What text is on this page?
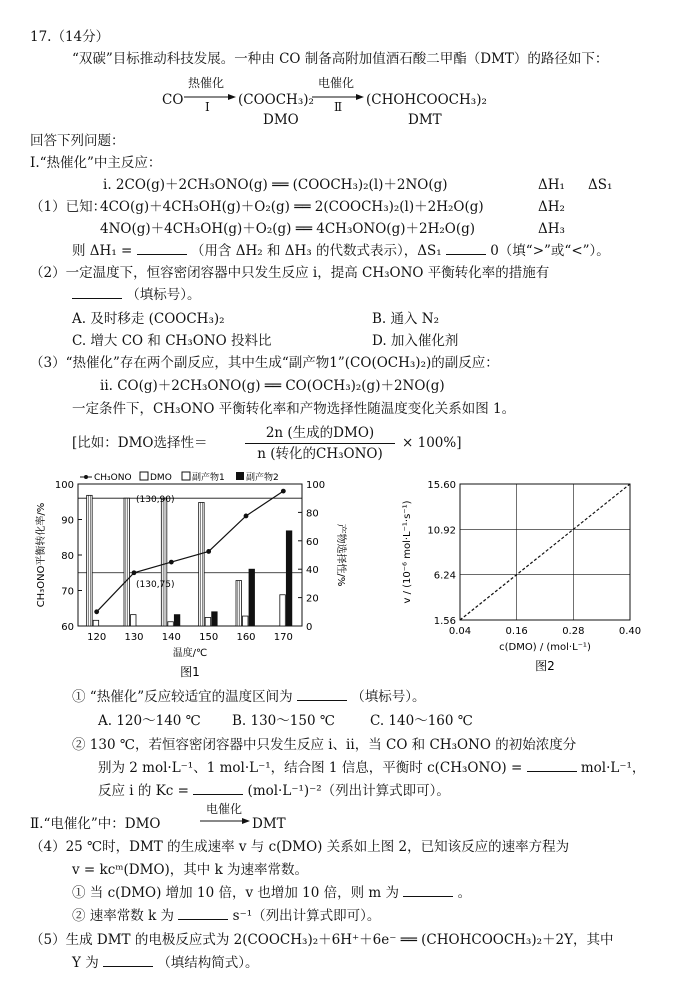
17.（14分）
“双碳”目标推动科技发展。一种由 CO 制备高附加值酒石酸二甲酯（DMT）的路径如下：
CO
热催化
Ⅰ (COOCH₃)₂
DMO
电催化
Ⅱ (CHOHCOOCH₃)₂
DMT
回答下列问题：
Ⅰ.“热催化”中主反应：
i. 2CO(g)＋2CH₃ONO(g) ══ (COOCH₃)₂(l)＋2NO(g)	ΔH₁ ΔS₁
（1）已知：
4CO(g)＋4CH₃OH(g)＋O₂(g) ══ 2(COOCH₃)₂(l)＋2H₂O(g)	ΔH₂
4NO(g)＋4CH₃OH(g)＋O₂(g) ══ 4CH₃ONO(g)＋2H₂O(g)	ΔH₃
则 ΔH₁ =	（用含 ΔH₂ 和 ΔH₃ 的代数式表示），ΔS₁	0（填“>”或“<”）。
（2）一定温度下，恒容密闭容器中只发生反应 i，提高 CH₃ONO 平衡转化率的措施有
（填标号）。
A. 及时移走 (COOCH₃)₂	B. 通入 N₂
C. 增大 CO 和 CH₃ONO 投料比	D. 加入催化剂
（3）“热催化”存在两个副反应，其中生成“副产物1”(CO(OCH₃)₂)的副反应：
ii. CO(g)＋2CH₃ONO(g) ══ CO(OCH₃)₂(g)＋2NO(g)
一定条件下，CH₃ONO 平衡转化率和产物选择性随温度变化关系如图 1。
[比如：DMO选择性＝
2n (生成的DMO)
n (转化的CH₃ONO)
× 100%]
60
70
80
90
100
0
20
40
60
80
100
120 130 140 150 160 170
(130,90)
(130,75)
CH₃ONO DMO 副产物1 副产物2
CH₃ONO平衡转化率/%	产物选择性/%
温度/℃
图1
1.56
6.24
10.92
15.60
0.04	0.16	0.28	0.40
v / (10⁻⁶ mol·L⁻¹·s⁻¹)
c(DMO) / (mol·L⁻¹)
图2
① “热催化”反应较适宜的温度区间为	（填标号）。
A. 120～140 ℃ B. 130～150 ℃	C. 140～160 ℃
② 130 ℃，若恒容密闭容器中只发生反应 i、ii，当 CO 和 CH₃ONO 的初始浓度分
别为 2 mol·L⁻¹、1 mol·L⁻¹，结合图 1 信息，平衡时 c(CH₃ONO) =	mol·L⁻¹，
反应 i 的 Kc =	(mol·L⁻¹)⁻²（列出计算式即可）。
Ⅱ.“电催化”中：DMO
电催化
DMT
（4）25 ℃时，DMT 的生成速率 v 与 c(DMO) 关系如上图 2，已知该反应的速率方程为
v = kcᵐ(DMO)，其中 k 为速率常数。
① 当 c(DMO) 增加 10 倍，v 也增加 10 倍，则 m 为	。
② 速率常数 k 为	s⁻¹（列出计算式即可）。
（5）生成 DMT 的电极反应式为 2(COOCH₃)₂＋6H⁺＋6e⁻ ══ (CHOHCOOCH₃)₂＋2Y，其中
Y 为	（填结构简式）。
